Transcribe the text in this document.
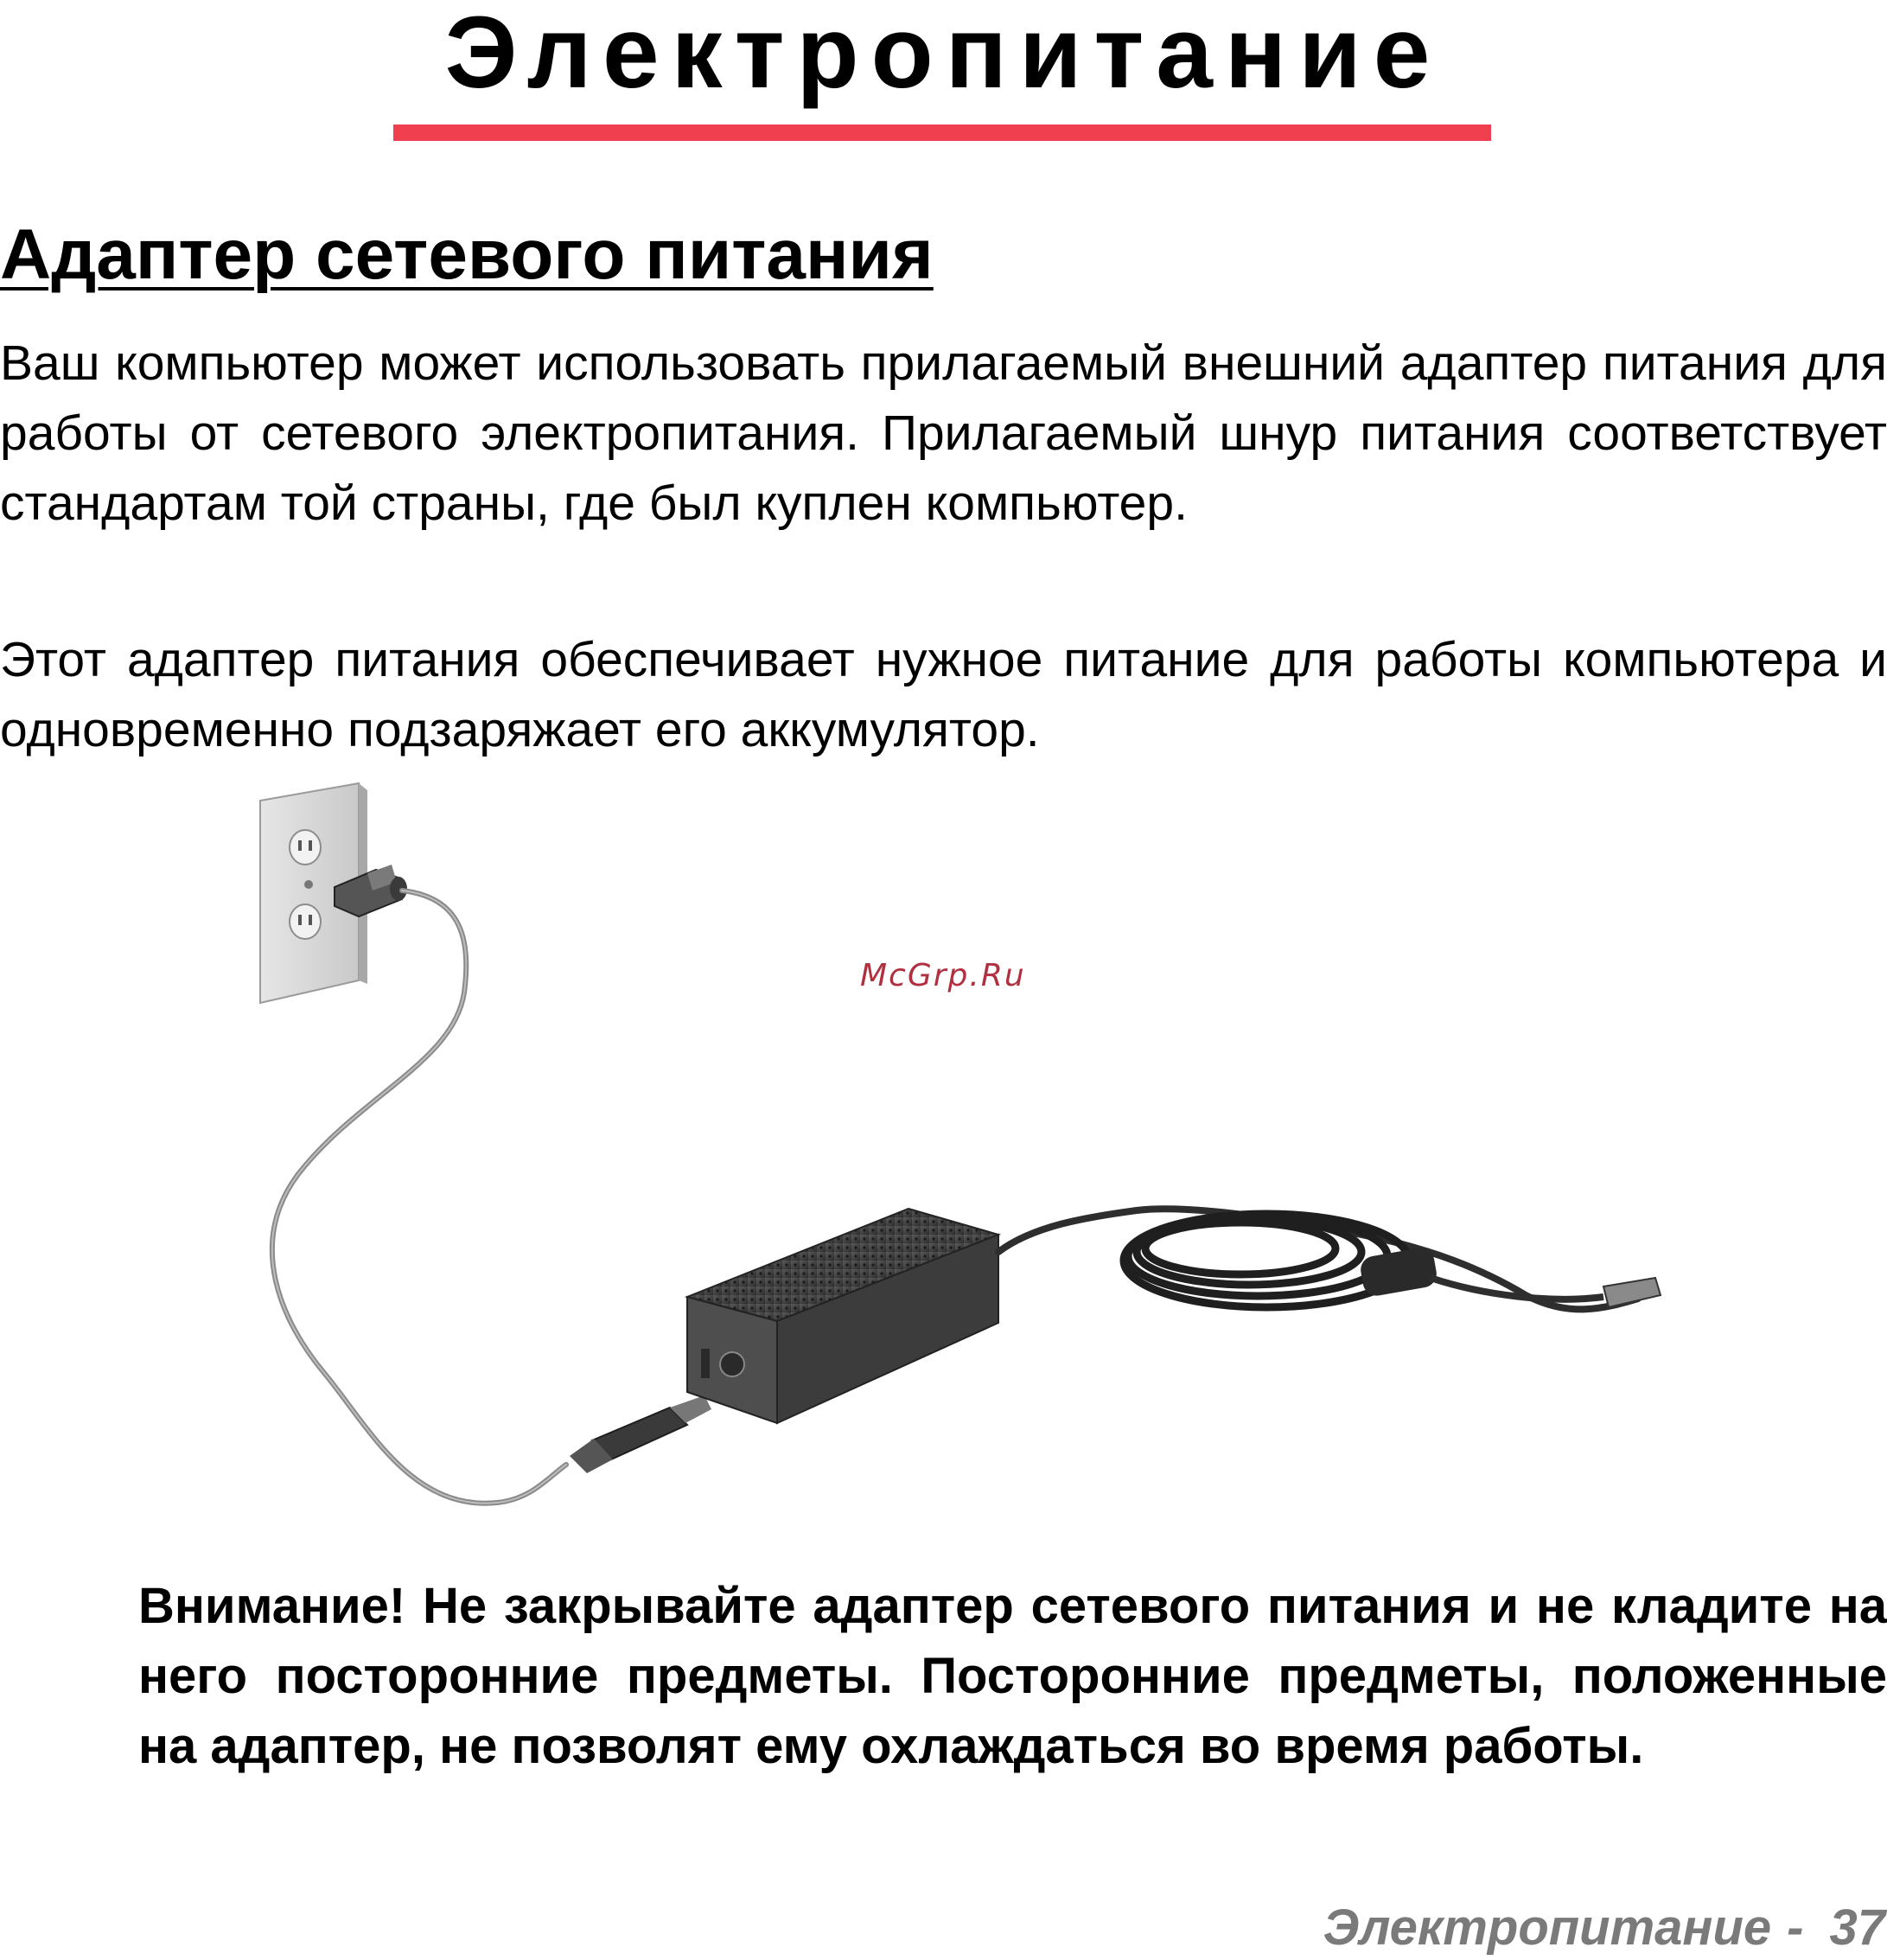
Электропитание
Адаптер сетевого питания

Ваш компьютер может использовать прилагаемый внешний адаптер питания для работы от сетевого электропитания. Прилагаемый шнур питания соответствует стандартам той страны, где был куплен компьютер.

Этот адаптер питания обеспечивает нужное питание для работы компьютера и одновременно подзаряжает его аккумулятор.

McGrp.Ru

Внимание! Не закрывайте адаптер сетевого питания и не кладите на него посторонние предметы. Посторонние предметы, положенные на адаптер, не позволят ему охлаждаться во время работы.

Электропитание - 37
